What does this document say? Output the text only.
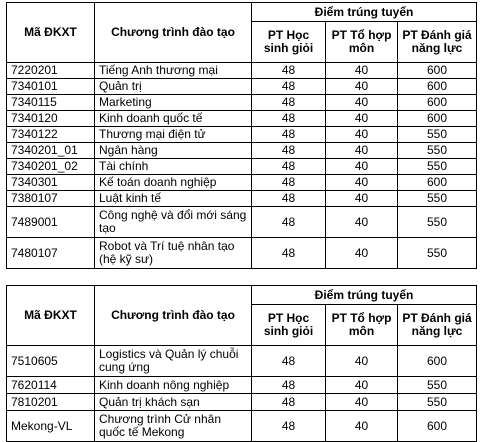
Mã ĐKXT	Chương trình đào tạo	Điểm trúng tuyển		
		PT Học sinh giỏi	PT Tổ hợp môn	PT Đánh giá năng lực
7220201	Tiếng Anh thương mại	48	40	600
7340101	Quản trị	48	40	600
7340115	Marketing	48	40	600
7340120	Kinh doanh quốc tế	48	40	600
7340122	Thương mại điện tử	48	40	550
7340201_01	Ngân hàng	48	40	550
7340201_02	Tài chính	48	40	550
7340301	Kế toán doanh nghiệp	48	40	600
7380107	Luật kinh tế	48	40	550
7489001	Công nghệ và đổi mới sáng tạo	48	40	550
7480107	Robot và Trí tuệ nhân tạo (hệ kỹ sư)	48	40	550
Mã ĐKXT	Chương trình đào tạo	Điểm trúng tuyển		
		PT Học sinh giỏi	PT Tổ hợp môn	PT Đánh giá năng lực
7510605	Logistics và Quản lý chuỗi cung ứng	48	40	600
7620114	Kinh doanh nông nghiệp	48	40	550
7810201	Quản trị khách sạn	48	40	550
Mekong-VL	Chương trình Cử nhân quốc tế Mekong	48	40	600
